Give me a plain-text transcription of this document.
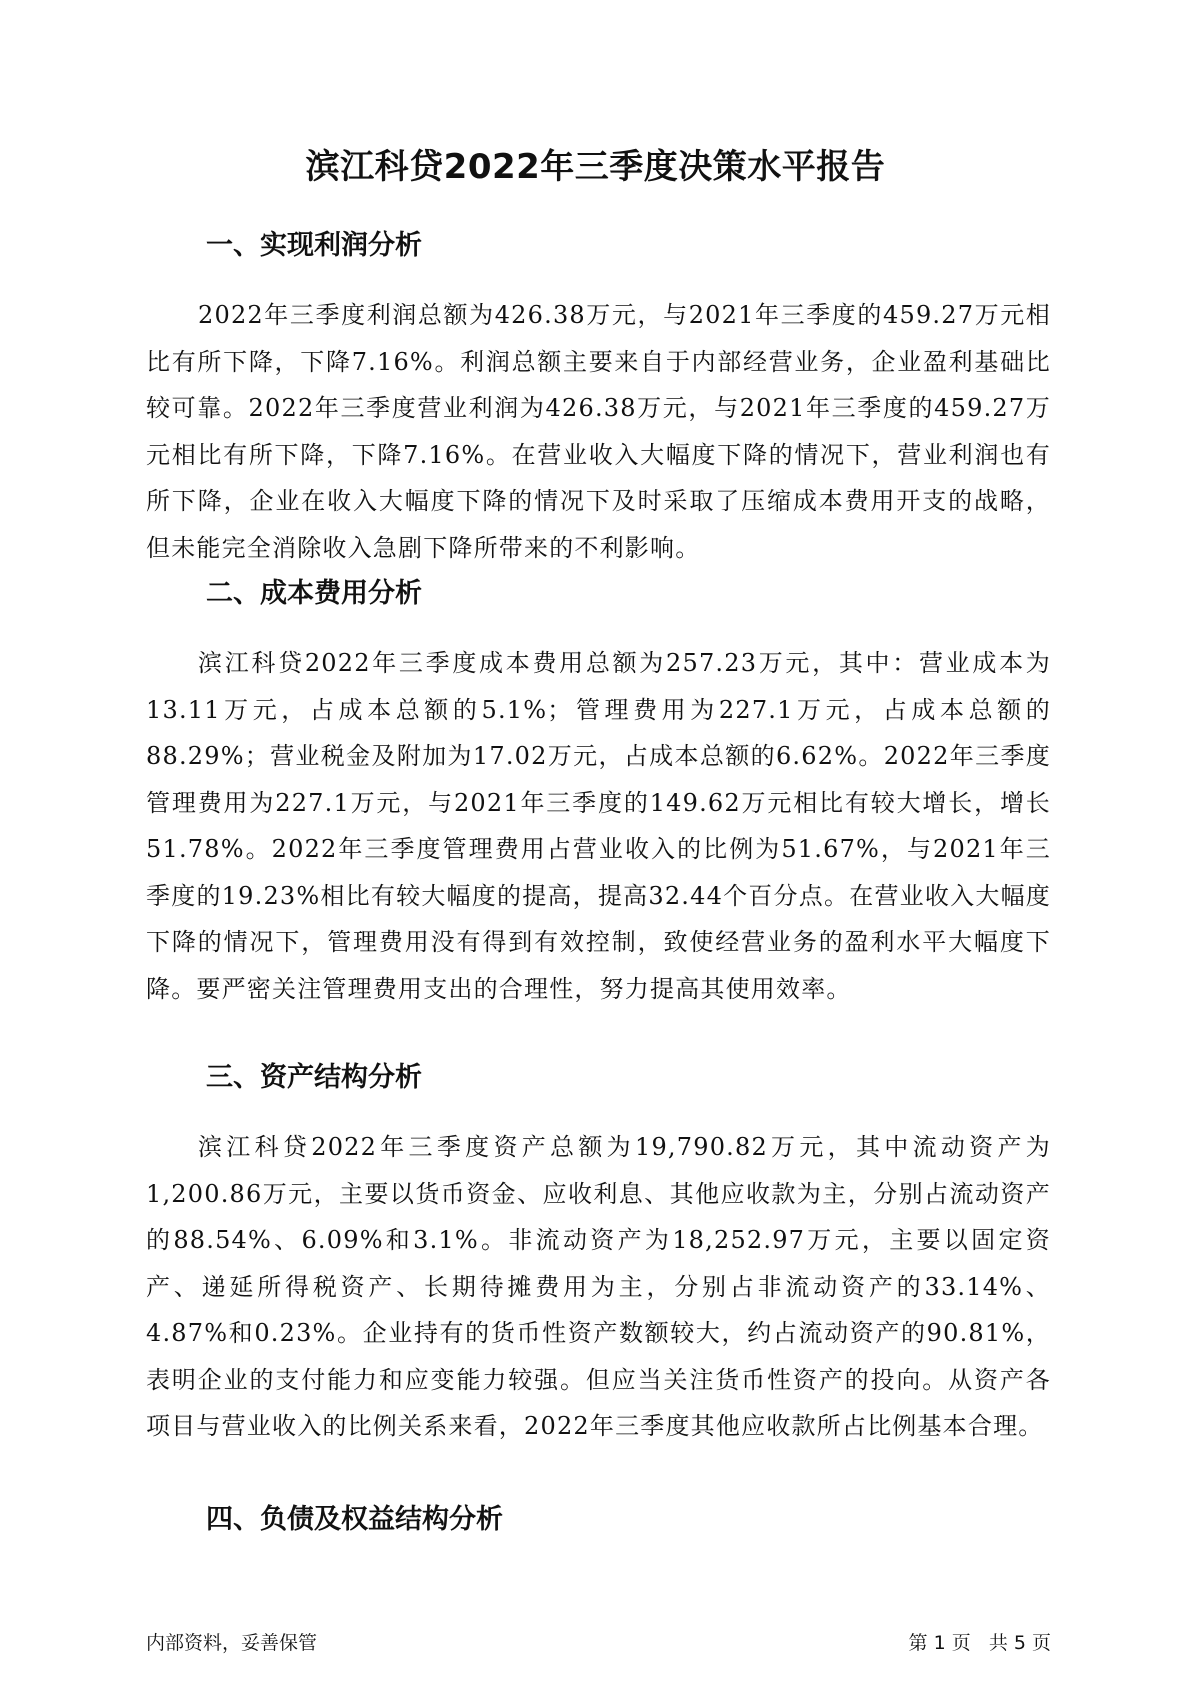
滨江科贷2022年三季度决策水平报告
一、实现利润分析

2022年三季度利润总额为426.38万元，与2021年三季度的459.27万元相比有所下降，下降7.16%。利润总额主要来自于内部经营业务，企业盈利基础比较可靠。2022年三季度营业利润为426.38万元，与2021年三季度的459.27万元相比有所下降，下降7.16%。在营业收入大幅度下降的情况下，营业利润也有所下降，企业在收入大幅度下降的情况下及时采取了压缩成本费用开支的战略，但未能完全消除收入急剧下降所带来的不利影响。

二、成本费用分析

滨江科贷2022年三季度成本费用总额为257.23万元，其中：营业成本为13.11万元，占成本总额的5.1%；管理费用为227.1万元，占成本总额的88.29%；营业税金及附加为17.02万元，占成本总额的6.62%。2022年三季度管理费用为227.1万元，与2021年三季度的149.62万元相比有较大增长，增长51.78%。2022年三季度管理费用占营业收入的比例为51.67%，与2021年三季度的19.23%相比有较大幅度的提高，提高32.44个百分点。在营业收入大幅度下降的情况下，管理费用没有得到有效控制，致使经营业务的盈利水平大幅度下降。要严密关注管理费用支出的合理性，努力提高其使用效率。

三、资产结构分析

滨江科贷2022年三季度资产总额为19,790.82万元，其中流动资产为1,200.86万元，主要以货币资金、应收利息、其他应收款为主，分别占流动资产的88.54%、6.09%和3.1%。非流动资产为18,252.97万元，主要以固定资产、递延所得税资产、长期待摊费用为主，分别占非流动资产的33.14%、4.87%和0.23%。企业持有的货币性资产数额较大，约占流动资产的90.81%，表明企业的支付能力和应变能力较强。但应当关注货币性资产的投向。从资产各项目与营业收入的比例关系来看，2022年三季度其他应收款所占比例基本合理。

四、负债及权益结构分析
内部资料，妥善保管	第 1 页   共 5 页
